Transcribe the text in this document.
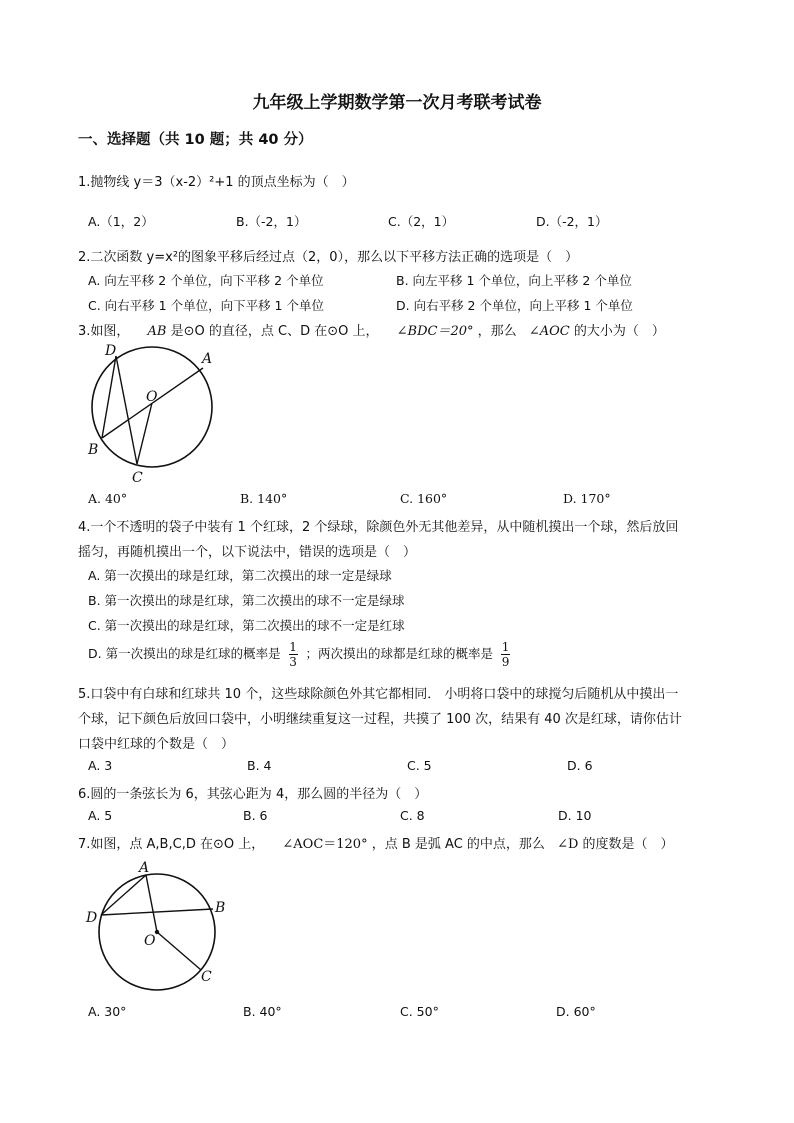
九年级上学期数学第一次月考联考试卷
一、选择题（共 10 题；共 40 分）
1.抛物线 y＝3（x-2）²+1 的顶点坐标为（　）
A.（1，2）	B.（-2，1）	C.（2，1）	D.（-2，1）
2.二次函数 y=x²的图象平移后经过点（2，0），那么以下平移方法正确的选项是（　）
A. 向左平移 2 个单位，向下平移 2 个单位	B. 向左平移 1 个单位，向上平移 2 个单位
C. 向右平移 1 个单位，向下平移 1 个单位	D. 向右平移 2 个单位，向上平移 1 个单位
3.如图， AB 是⊙O 的直径，点 C、D 在⊙O 上， ∠BDC＝20° ，那么 ∠AOC 的大小为（　）
D	A
O
B
C
A. 40°	B. 140°	C. 160°	D. 170°
4.一个不透明的袋子中装有 1 个红球，2 个绿球，除颜色外无其他差异，从中随机摸出一个球，然后放回
摇匀，再随机摸出一个，以下说法中，错误的选项是（　）
A. 第一次摸出的球是红球，第二次摸出的球一定是绿球
B. 第一次摸出的球是红球，第二次摸出的球不一定是绿球
C. 第一次摸出的球是红球，第二次摸出的球不一定是红球
D. 第一次摸出的球是红球的概率是 $\frac{1}{3}$ ；两次摸出的球都是红球的概率是 $\frac{1}{9}$
5.口袋中有白球和红球共 10 个，这些球除颜色外其它都相同． 小明将口袋中的球搅匀后随机从中摸出一
个球，记下颜色后放回口袋中，小明继续重复这一过程，共摸了 100 次，结果有 40 次是红球，请你估计
口袋中红球的个数是（　）
A. 3	B. 4	C. 5	D. 6
6.圆的一条弦长为 6，其弦心距为 4，那么圆的半径为（　）
A. 5	B. 6	C. 8	D. 10
7.如图，点 A,B,C,D 在⊙O 上， ∠AOC＝120° ，点 B 是弧 AC 的中点，那么 ∠D 的度数是（　）
A
B
C
D
O
A. 30°	B. 40°	C. 50°	D. 60°
